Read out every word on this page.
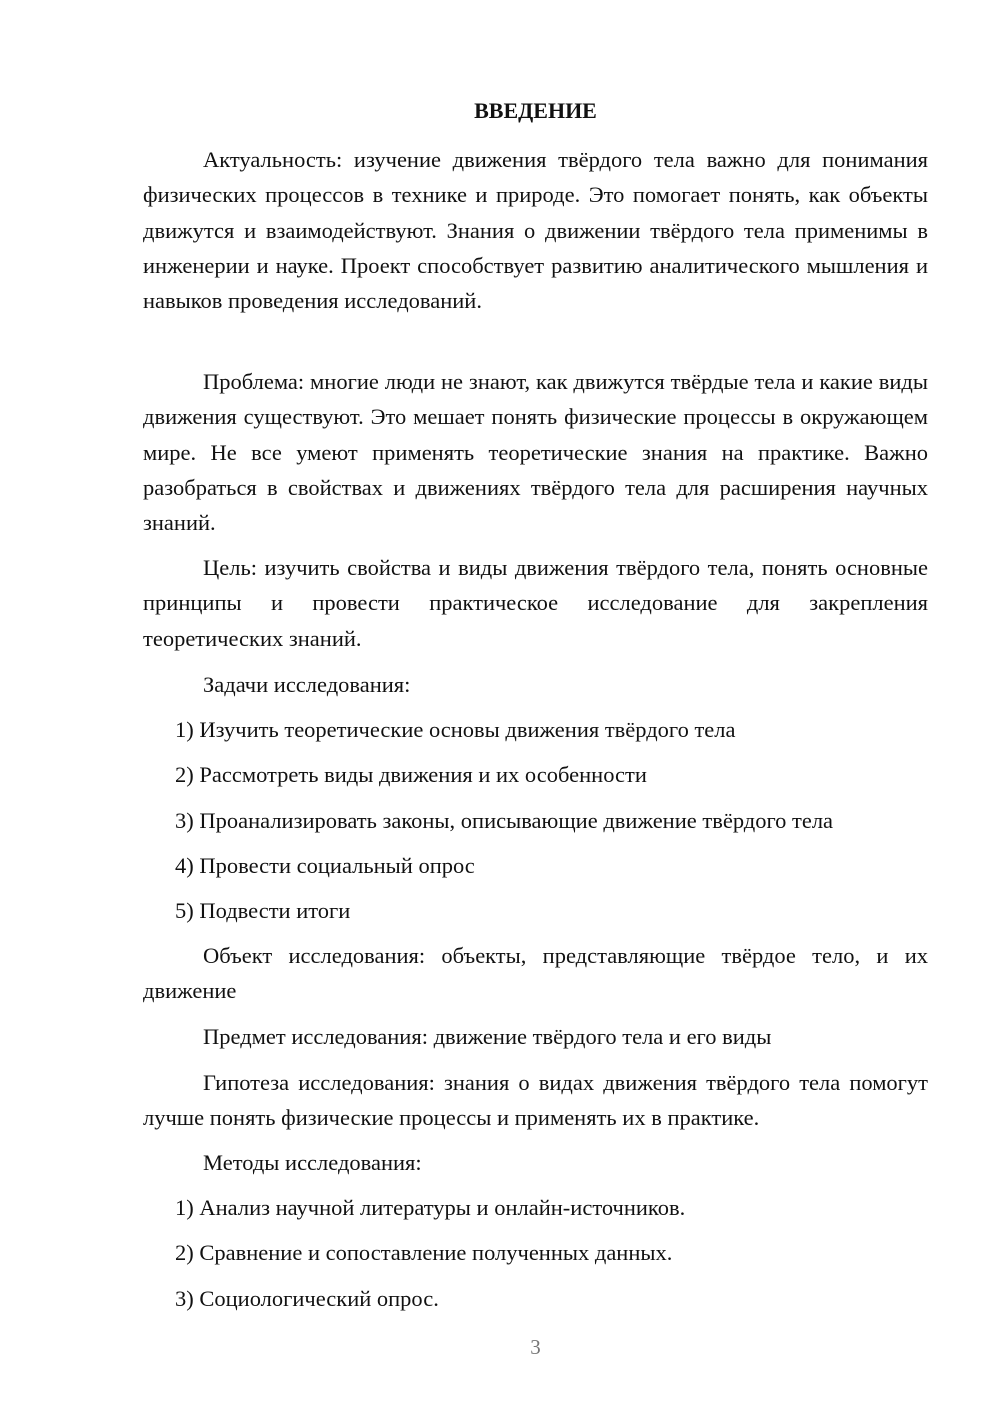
ВВЕДЕНИЕ

Актуальность: изучение движения твёрдого тела важно для понимания физических процессов в технике и природе. Это помогает понять, как объекты движутся и взаимодействуют. Знания о движении твёрдого тела применимы в инженерии и науке. Проект способствует развитию аналитического мышления и навыков проведения исследований.

Проблема: многие люди не знают, как движутся твёрдые тела и какие виды движения существуют. Это мешает понять физические процессы в окружающем мире. Не все умеют применять теоретические знания на практике. Важно разобраться в свойствах и движениях твёрдого тела для расширения научных знаний.

Цель: изучить свойства и виды движения твёрдого тела, понять основные принципы и провести практическое исследование для закрепления теоретических знаний.

Задачи исследования:

1) Изучить теоретические основы движения твёрдого тела

2) Рассмотреть виды движения и их особенности

3) Проанализировать законы, описывающие движение твёрдого тела

4) Провести социальный опрос

5) Подвести итоги

Объект исследования: объекты, представляющие твёрдое тело, и их движение

Предмет исследования: движение твёрдого тела и его виды

Гипотеза исследования: знания о видах движения твёрдого тела помогут лучше понять физические процессы и применять их в практике.

Методы исследования:

1) Анализ научной литературы и онлайн-источников.

2) Сравнение и сопоставление полученных данных.

3) Социологический опрос.

3
